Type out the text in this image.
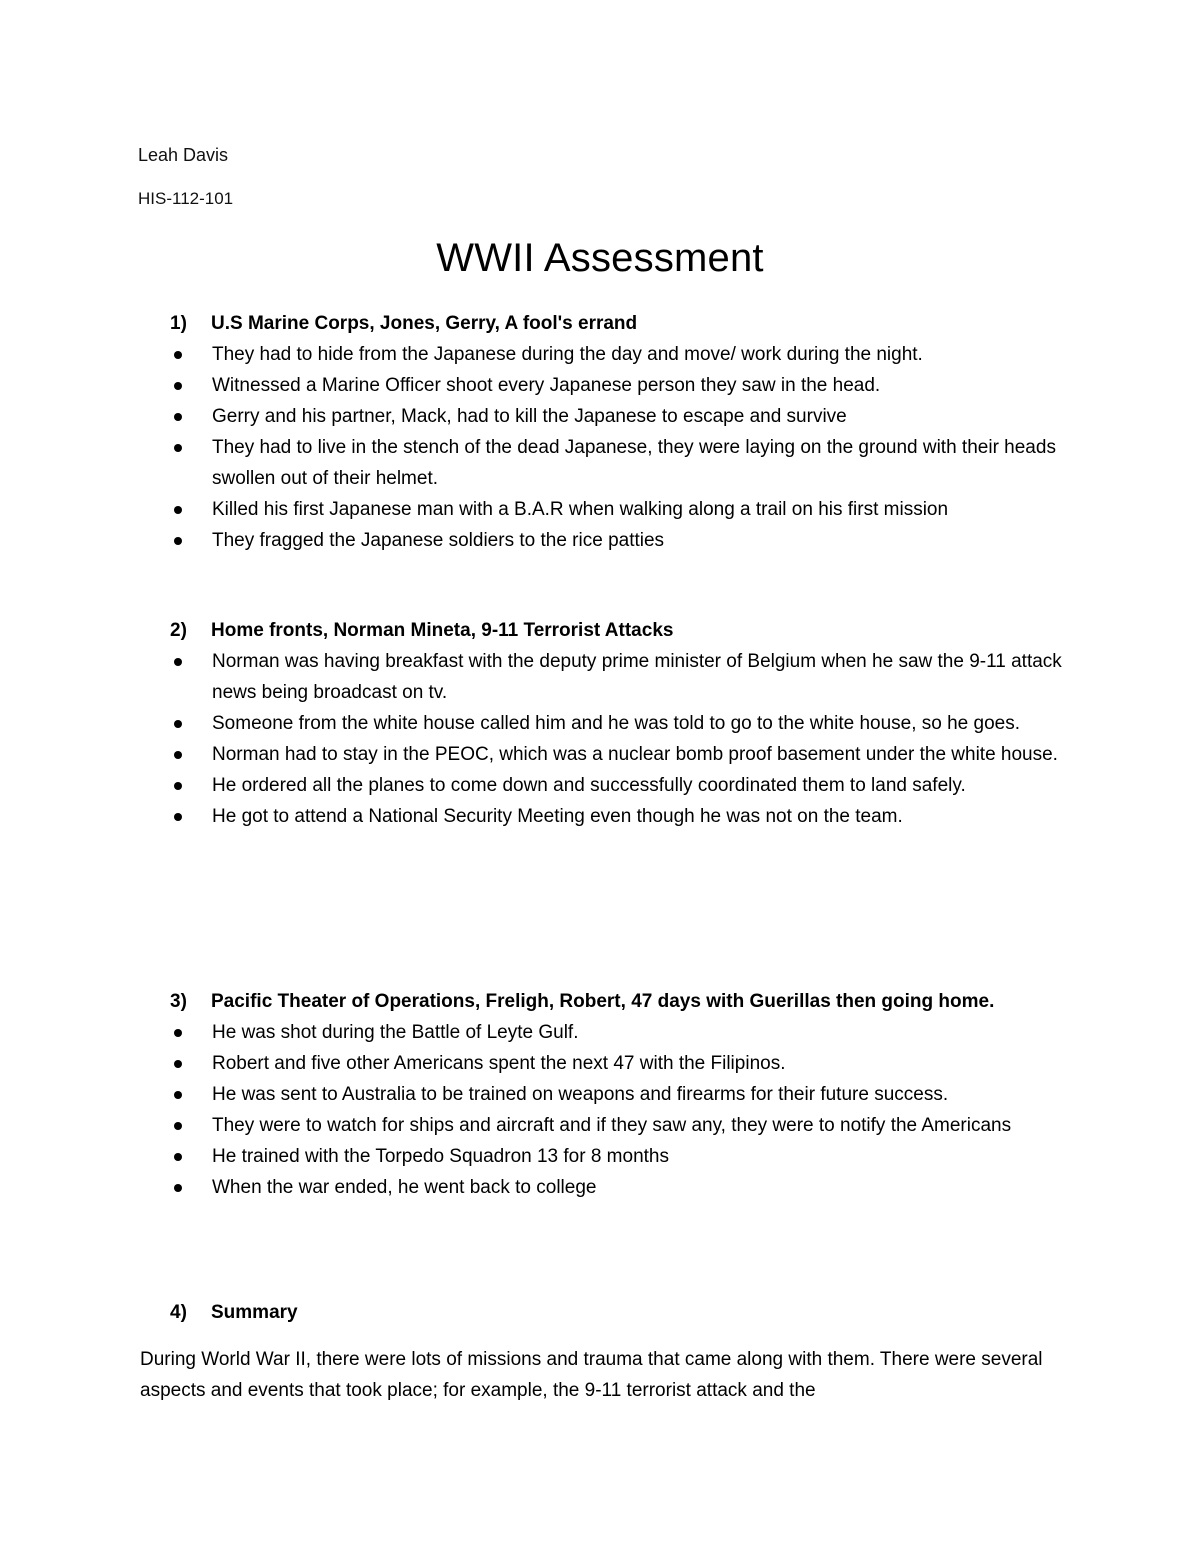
Leah Davis
HIS-112-101
WWII Assessment
1) U.S Marine Corps, Jones, Gerry, A fool's errand
They had to hide from the Japanese during the day and move/ work during the night.
Witnessed a Marine Officer shoot every Japanese person they saw in the head.
Gerry and his partner, Mack, had to kill the Japanese to escape and survive
They had to live in the stench of the dead Japanese, they were laying on the ground with their heads swollen out of their helmet.
Killed his first Japanese man with a B.A.R when walking along a trail on his first mission
They fragged the Japanese soldiers to the rice patties
2) Home fronts, Norman Mineta, 9-11 Terrorist Attacks
Norman was having breakfast with the deputy prime minister of Belgium when he saw the 9-11 attack news being broadcast on tv.
Someone from the white house called him and he was told to go to the white house, so he goes.
Norman had to stay in the PEOC, which was a nuclear bomb proof basement under the white house.
He ordered all the planes to come down and successfully coordinated them to land safely.
He got to attend a National Security Meeting even though he was not on the team.
3) Pacific Theater of Operations, Freligh, Robert, 47 days with Guerillas then going home.
He was shot during the Battle of Leyte Gulf.
Robert and five other Americans spent the next 47 with the Filipinos.
He was sent to Australia to be trained on weapons and firearms for their future success.
They were to watch for ships and aircraft and if they saw any, they were to notify the Americans
He trained with the Torpedo Squadron 13 for 8 months
When the war ended, he went back to college
4) Summary
During World War II, there were lots of missions and trauma that came along with them. There were several aspects and events that took place; for example, the 9-11 terrorist attack and the
